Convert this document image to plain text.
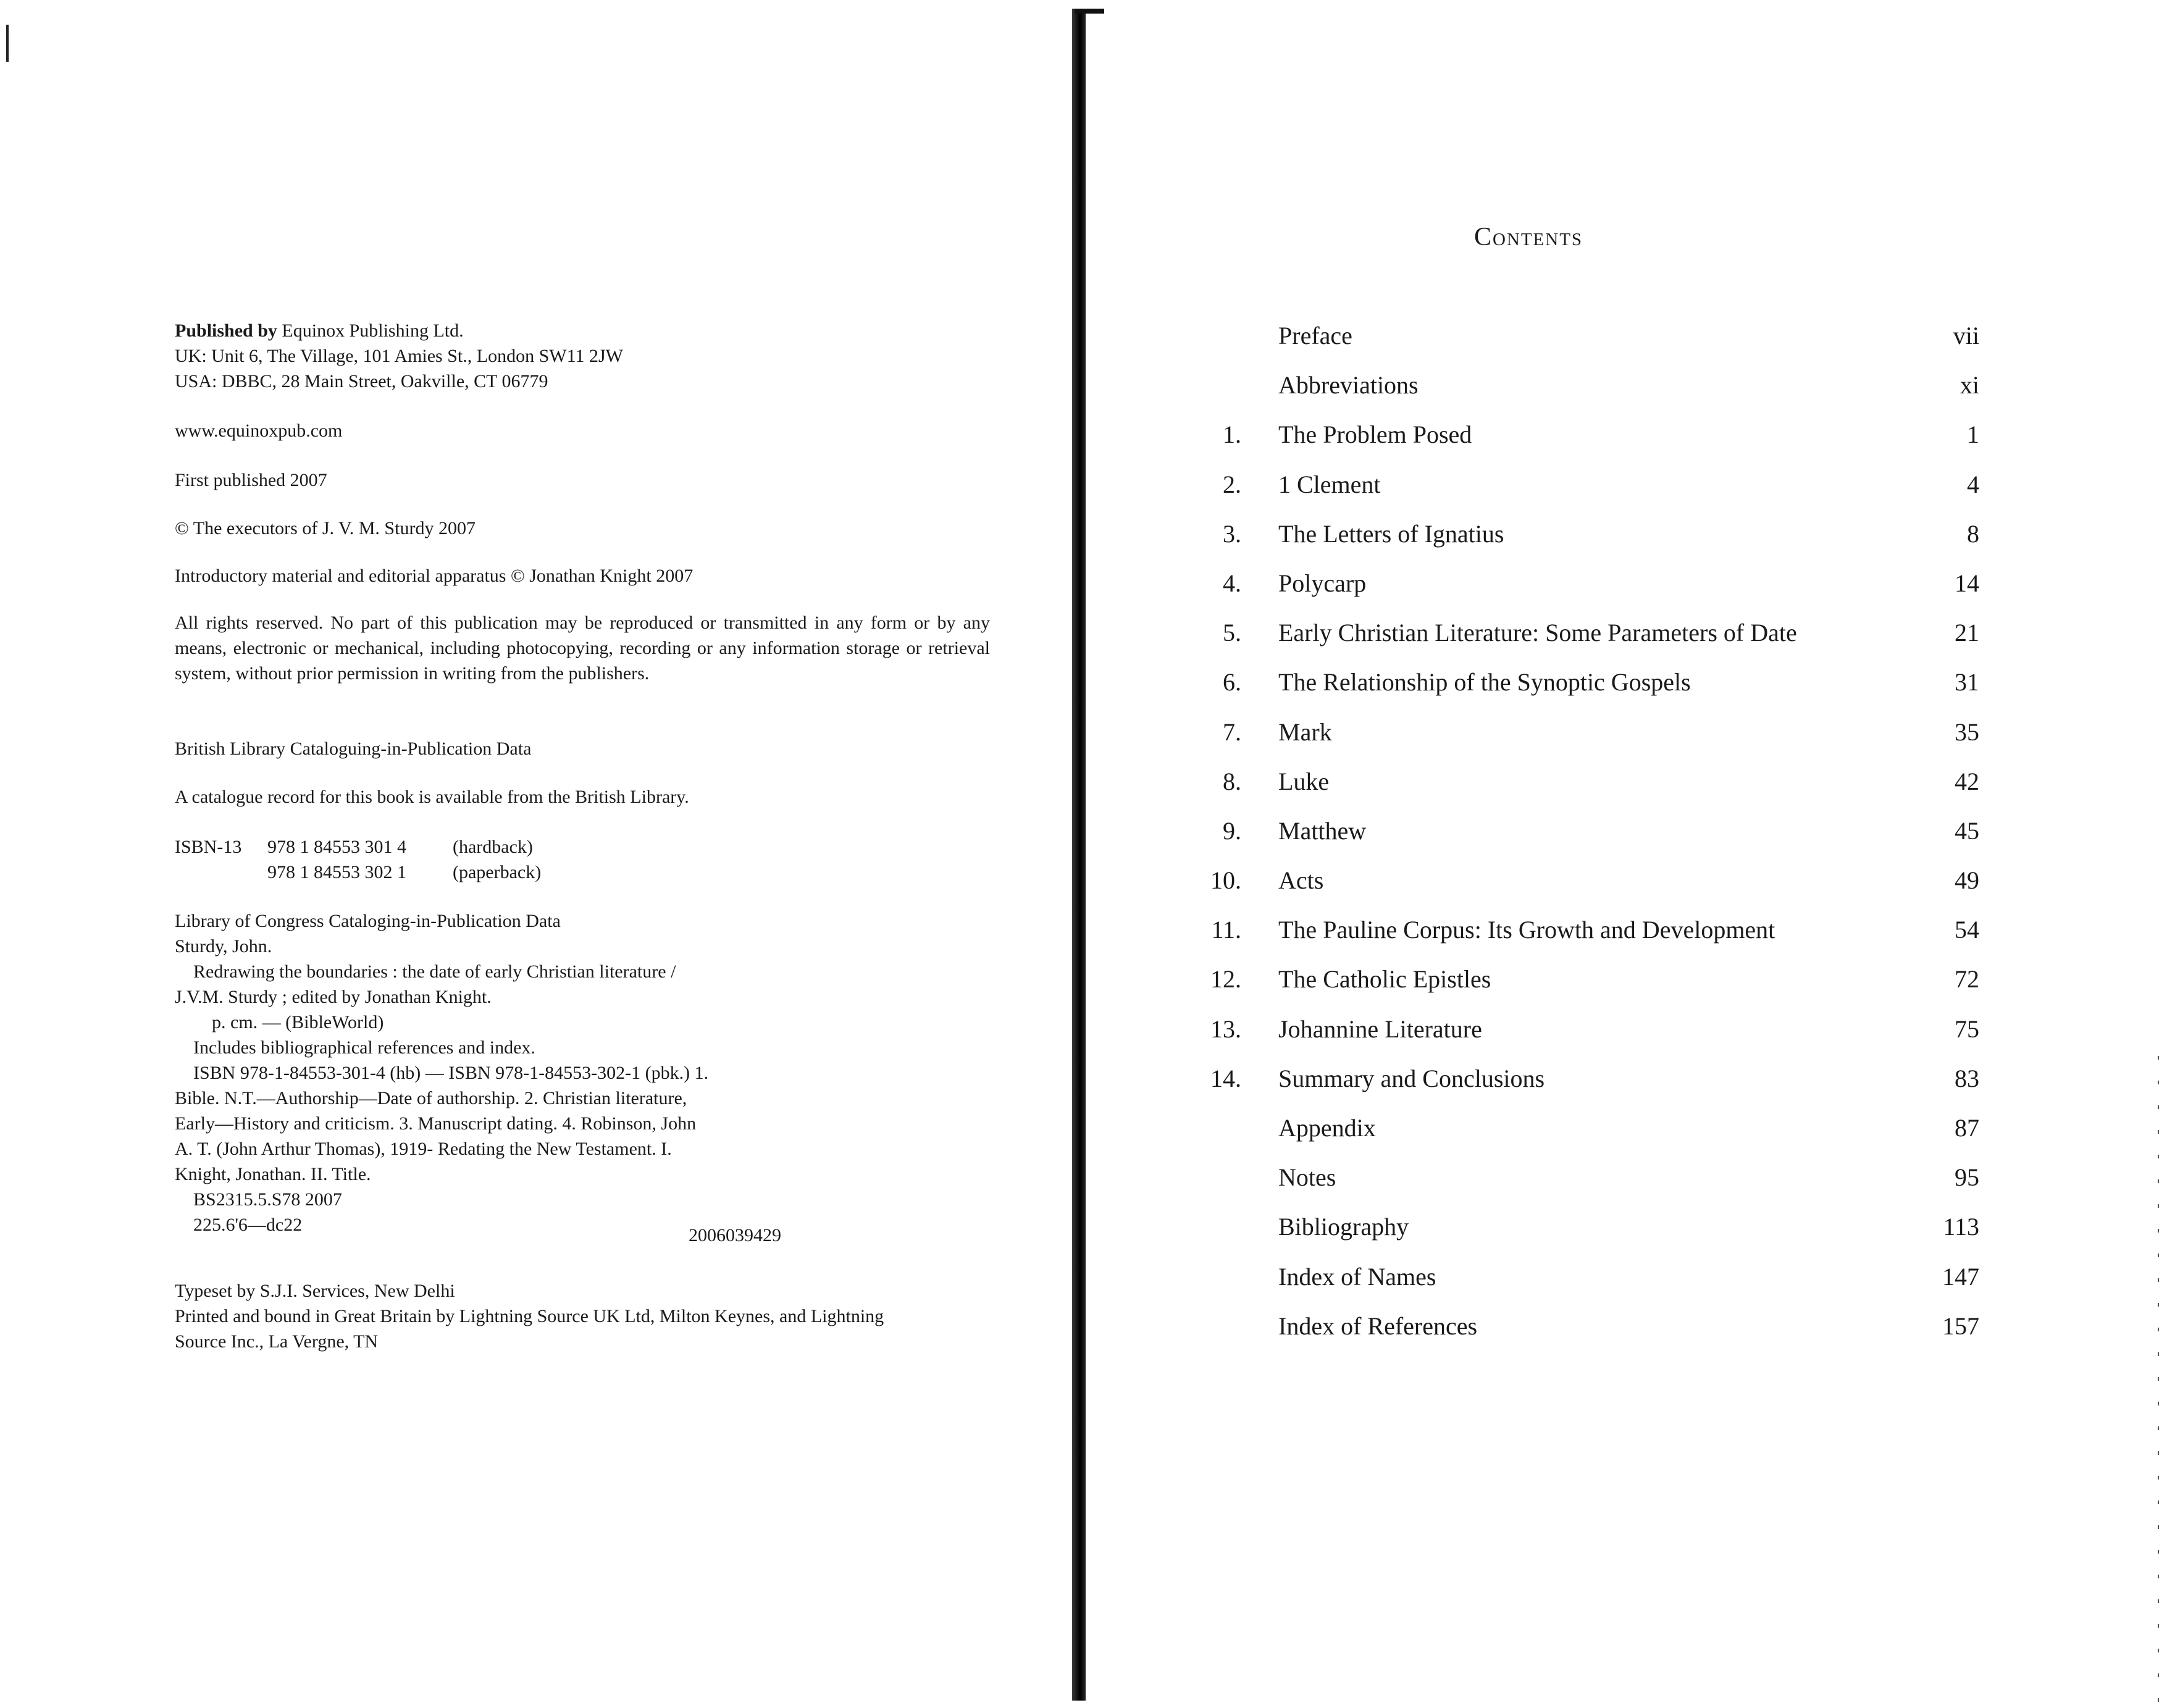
Published by Equinox Publishing Ltd.
UK: Unit 6, The Village, 101 Amies St., London SW11 2JW
USA: DBBC, 28 Main Street, Oakville, CT 06779
www.equinoxpub.com
First published 2007
© The executors of J. V. M. Sturdy 2007
Introductory material and editorial apparatus © Jonathan Knight 2007
All rights reserved. No part of this publication may be reproduced or transmitted in any form or by any means, electronic or mechanical, including photocopying, recording or any information storage or retrieval system, without prior permission in writing from the publishers.
British Library Cataloguing-in-Publication Data
A catalogue record for this book is available from the British Library.
ISBN-13	978 1 84553 301 4	(hardback)
978 1 84553 302 1	(paperback)
Library of Congress Cataloging-in-Publication Data
Sturdy, John.
Redrawing the boundaries : the date of early Christian literature /
J.V.M. Sturdy ; edited by Jonathan Knight.
p. cm. — (BibleWorld)
Includes bibliographical references and index.
ISBN 978-1-84553-301-4 (hb) — ISBN 978-1-84553-302-1 (pbk.) 1.
Bible. N.T.—Authorship—Date of authorship. 2. Christian literature,
Early—History and criticism. 3. Manuscript dating. 4. Robinson, John
A. T. (John Arthur Thomas), 1919- Redating the New Testament. I.
Knight, Jonathan. II. Title.
BS2315.5.S78 2007
225.6'6—dc22
2006039429
Typeset by S.J.I. Services, New Delhi
Printed and bound in Great Britain by Lightning Source UK Ltd, Milton Keynes, and Lightning
Source Inc., La Vergne, TN
Contents
Preface	vii
Abbreviations	xi
1.	The Problem Posed	1
2.	1 Clement	4
3.	The Letters of Ignatius	8
4.	Polycarp	14
5.	Early Christian Literature: Some Parameters of Date	21
6.	The Relationship of the Synoptic Gospels	31
7.	Mark	35
8.	Luke	42
9.	Matthew	45
10.	Acts	49
11.	The Pauline Corpus: Its Growth and Development	54
12.	The Catholic Epistles	72
13.	Johannine Literature	75
14.	Summary and Conclusions	83
Appendix	87
Notes	95
Bibliography	113
Index of Names	147
Index of References	157
